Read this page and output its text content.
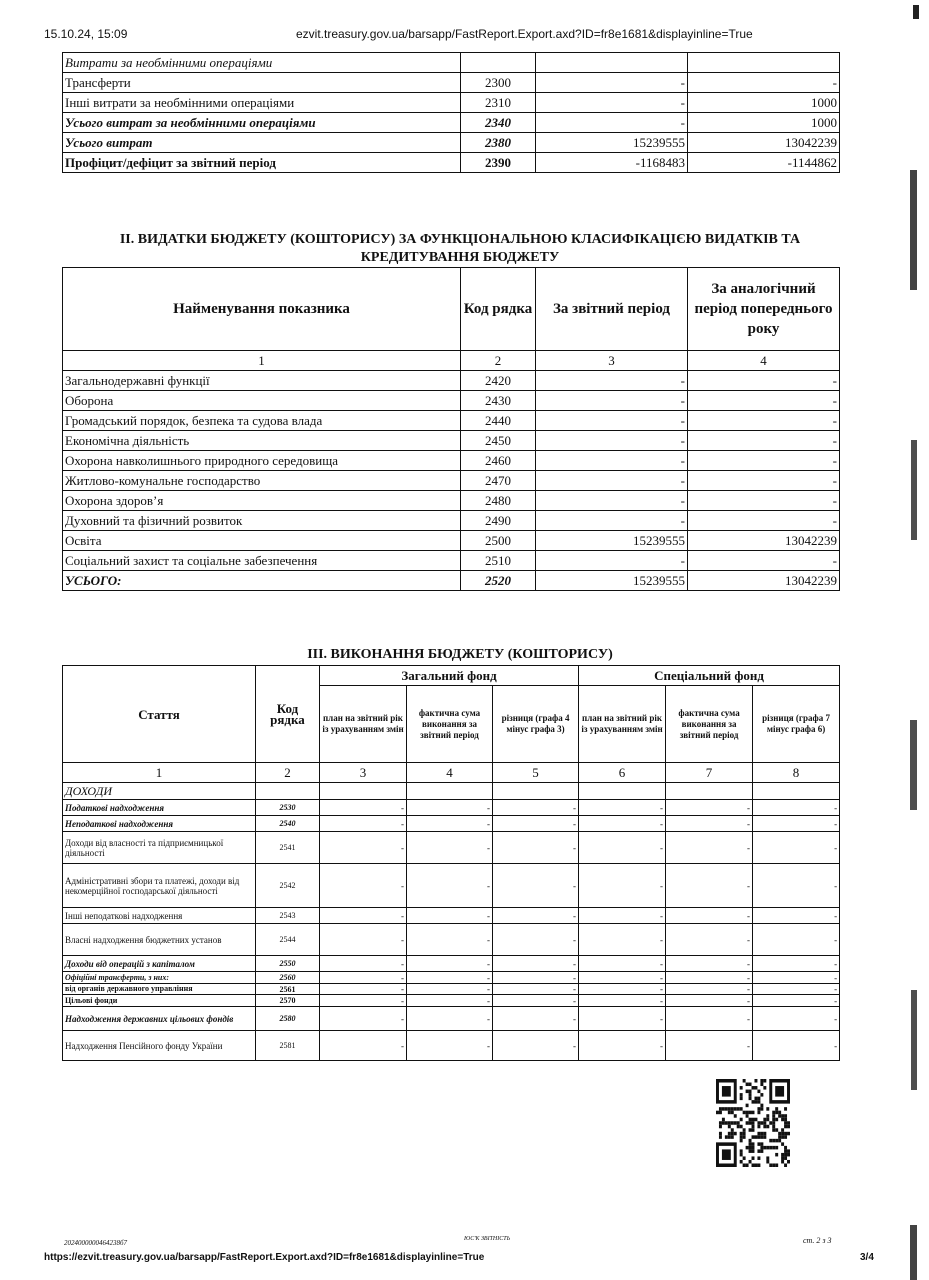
15.10.24, 15:09	ezvit.treasury.gov.ua/barsapp/FastReport.Export.axd?ID=fr8e1681&displayinline=True
Витрати за необмінними операціями			
Трансферти	2300	-	-
Інші витрати за необмінними операціями	2310	-	1000
Усього витрат за необмінними операціями	2340	-	1000
Усього витрат	2380	15239555	13042239
Профіцит/дефіцит за звітний період	2390	-1168483	-1144862
ІІ. ВИДАТКИ БЮДЖЕТУ (КОШТОРИСУ) ЗА ФУНКЦІОНАЛЬНОЮ КЛАСИФІКАЦІЄЮ ВИДАТКІВ ТА
КРЕДИТУВАННЯ БЮДЖЕТУ
Найменування показника	Код рядка	За звітний період	За аналогічний період попереднього року
1	2	3	4
Загальнодержавні функції	2420	-	-
Оборона	2430	-	-
Громадський порядок, безпека та судова влада	2440	-	-
Економічна діяльність	2450	-	-
Охорона навколишнього природного середовища	2460	-	-
Житлово-комунальне господарство	2470	-	-
Охорона здоров’я	2480	-	-
Духовний та фізичний розвиток	2490	-	-
Освіта	2500	15239555	13042239
Соціальний захист та соціальне забезпечення	2510	-	-
УСЬОГО:	2520	15239555	13042239
ІІІ. ВИКОНАННЯ БЮДЖЕТУ (КОШТОРИСУ)
Стаття	Код рядка	Загальний фонд			Спеціальний фонд		
		план на звітний рік із урахуванням змін	фактична сума виконання за звітний період	різниця (графа 4 мінус графа 3)	план на звітний рік із урахуванням змін	фактична сума виконання за звітний період	різниця (графа 7 мінус графа 6)
1	2	3	4	5	6	7	8
ДОХОДИ							
Податкові надходження	2530	-	-	-	-	-	-
Неподаткові надходження	2540	-	-	-	-	-	-
Доходи від власності та підприємницької діяльності	2541	-	-	-	-	-	-
Адміністративні збори та платежі, доходи від некомерційної господарської діяльності	2542	-	-	-	-	-	-
Інші неподаткові надходження	2543	-	-	-	-	-	-
Власні надходження бюджетних установ	2544	-	-	-	-	-	-
Доходи від операцій з капіталом	2550	-	-	-	-	-	-
Офіційні трансферти, з них:	2560	-	-	-	-	-	-
від органів державного управління	2561	-	-	-	-	-	-
Цільові фонди	2570	-	-	-	-	-	-
Надходження державних цільових фондів	2580	-	-	-	-	-	-
Надходження Пенсійного фонду України	2581	-	-	-	-	-	-
2024000000464238б7	ЮС'К ЗВІТНІСТЬ	ст. 2 з 3
https://ezvit.treasury.gov.ua/barsapp/FastReport.Export.axd?ID=fr8e1681&displayinline=True	3/4
